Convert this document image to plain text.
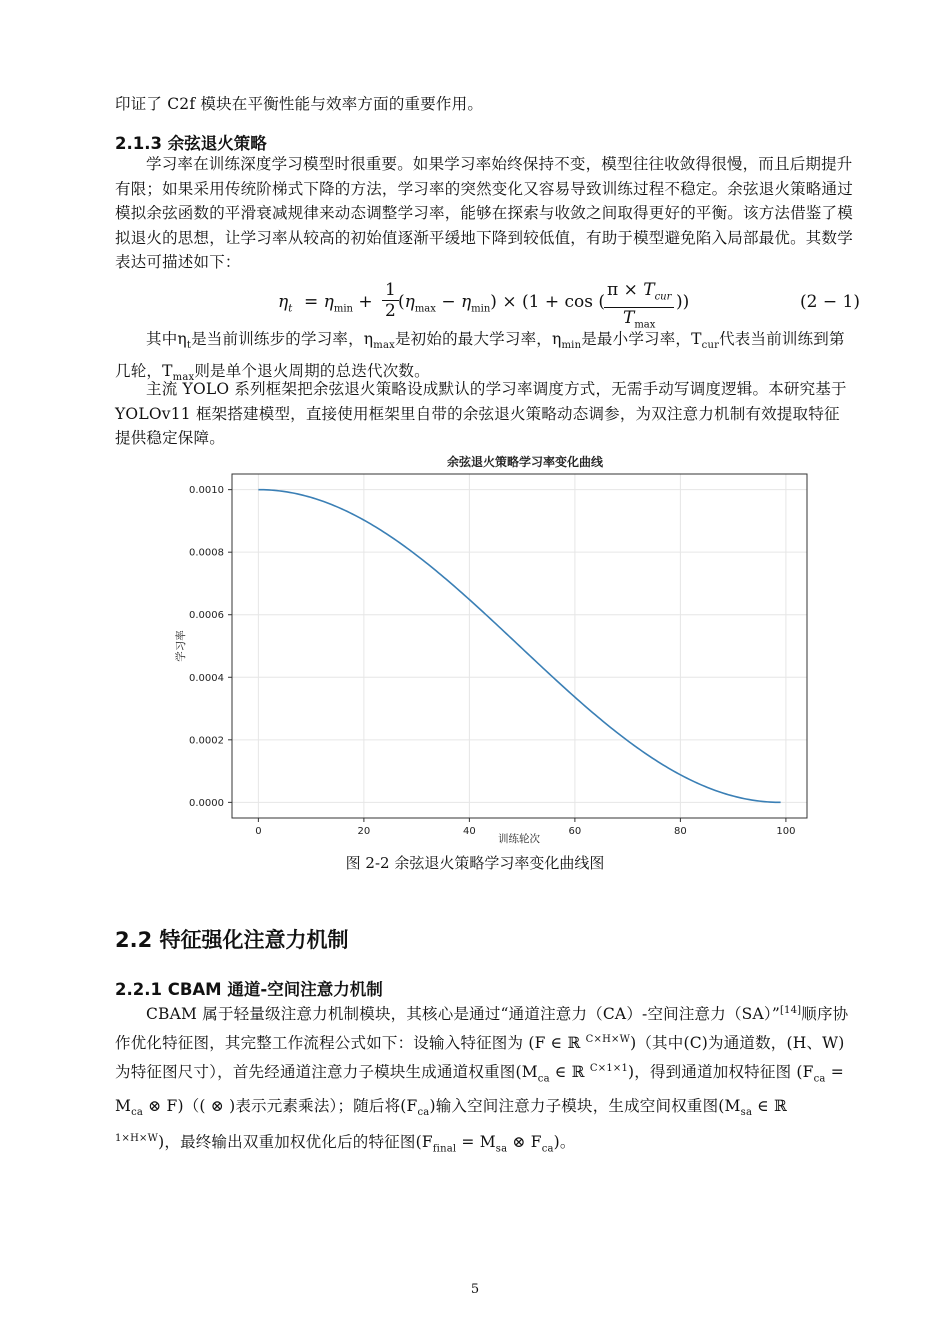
印证了 C2f 模块在平衡性能与效率方面的重要作用。
2.1.3 余弦退火策略

学习率在训练深度学习模型时很重要。如果学习率始终保持不变，模型往往收敛得很慢，而且后期提升有限；如果采用传统阶梯式下降的方法，学习率的突然变化又容易导致训练过程不稳定。余弦退火策略通过模拟余弦函数的平滑衰减规律来动态调整学习率，能够在探索与收敛之间取得更好的平衡。该方法借鉴了模拟退火的思想，让学习率从较高的初始值逐渐平缓地下降到较低值，有助于模型避免陷入局部最优。其数学表达可描述如下：

$\eta_t = \eta_{min} + \frac{1}{2} (\eta_{max} - \eta_{min}) \times (1 + \cos$ (
$\pi \times T_{cur}$
$T_{max}$
))	(2 − 1)

其中$\eta_t$是当前训练步的学习率，$\eta_{max}$是初始的最大学习率，$\eta_{min}$是最小学习率，$T_{cur}$代表当前训练到第几轮，$T_{max}$则是单个退火周期的总迭代次数。

主流 YOLO 系列框架把余弦退火策略设成默认的学习率调度方式，无需手动写调度逻辑。本研究基于 YOLOv11 框架搭建模型，直接使用框架里自带的余弦退火策略动态调参，为双注意力机制有效提取特征提供稳定保障。

余弦退火策略学习率变化曲线
0	20	40	60	80	100
0.0000
0.0002
0.0004
0.0006
0.0008
0.0010
训练轮次
学习率
图 2-2 余弦退火策略学习率变化曲线图
2.2 特征强化注意力机制
2.2.1 CBAM 通道-空间注意力机制

CBAM 属于轻量级注意力机制模块，其核心是通过“通道注意力（CA）-空间注意力（SA）”[14]顺序协作优化特征图，其完整工作流程公式如下：设输入特征图为 (F ∈ ℝ $^{C\times H\times W}$)（其中(C)为通道数，(H、W)为特征图尺寸），首先经通道注意力子模块生成通道权重图($M_{ca}$ ∈ ℝ $^{C\times 1\times 1}$)，得到通道加权特征图 ($F_{ca} = M_{ca}$ ⊗ F)（( ⊗ )表示元素乘法）；随后将$(F_{ca})$输入空间注意力子模块，生成空间权重图($M_{sa}$ ∈ ℝ $^{1\times H\times W}$)，最终输出双重加权优化后的特征图($F_{final} = M_{sa}$ ⊗ $F_{ca}$)。

5
